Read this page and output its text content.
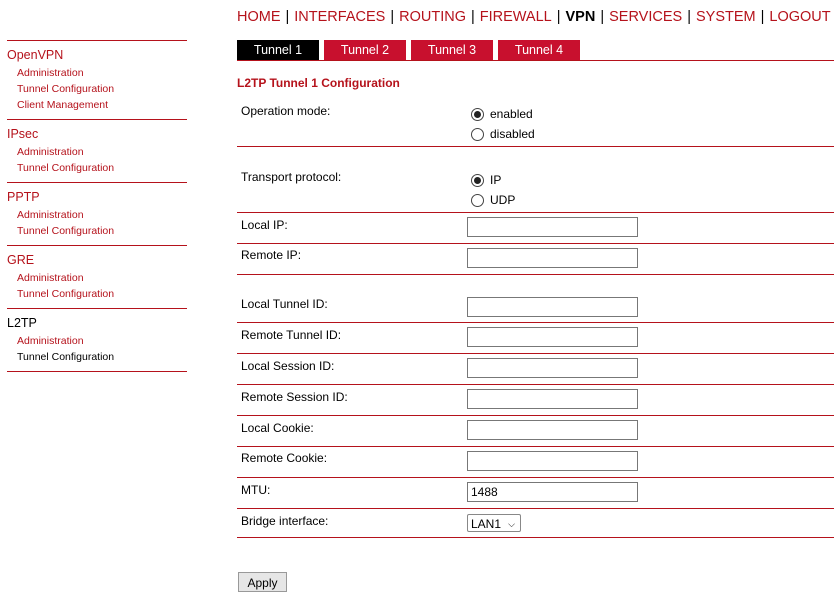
HOME | INTERFACES | ROUTING | FIREWALL | VPN | SERVICES | SYSTEM | LOGOUT
OpenVPN
Administration
Tunnel Configuration
Client Management
IPsec
Administration
Tunnel Configuration
PPTP
Administration
Tunnel Configuration
GRE
Administration
Tunnel Configuration
L2TP
Administration
Tunnel Configuration
Tunnel 1	Tunnel 2	Tunnel 3	Tunnel 4
L2TP Tunnel 1 Configuration
Operation mode:	enabled
disabled
Transport protocol:	IP
UDP
Local IP:
Remote IP:
Local Tunnel ID:
Remote Tunnel ID:
Local Session ID:
Remote Session ID:
Local Cookie:
Remote Cookie:
MTU:
1488
Bridge interface:	LAN1 ⌵
Apply
